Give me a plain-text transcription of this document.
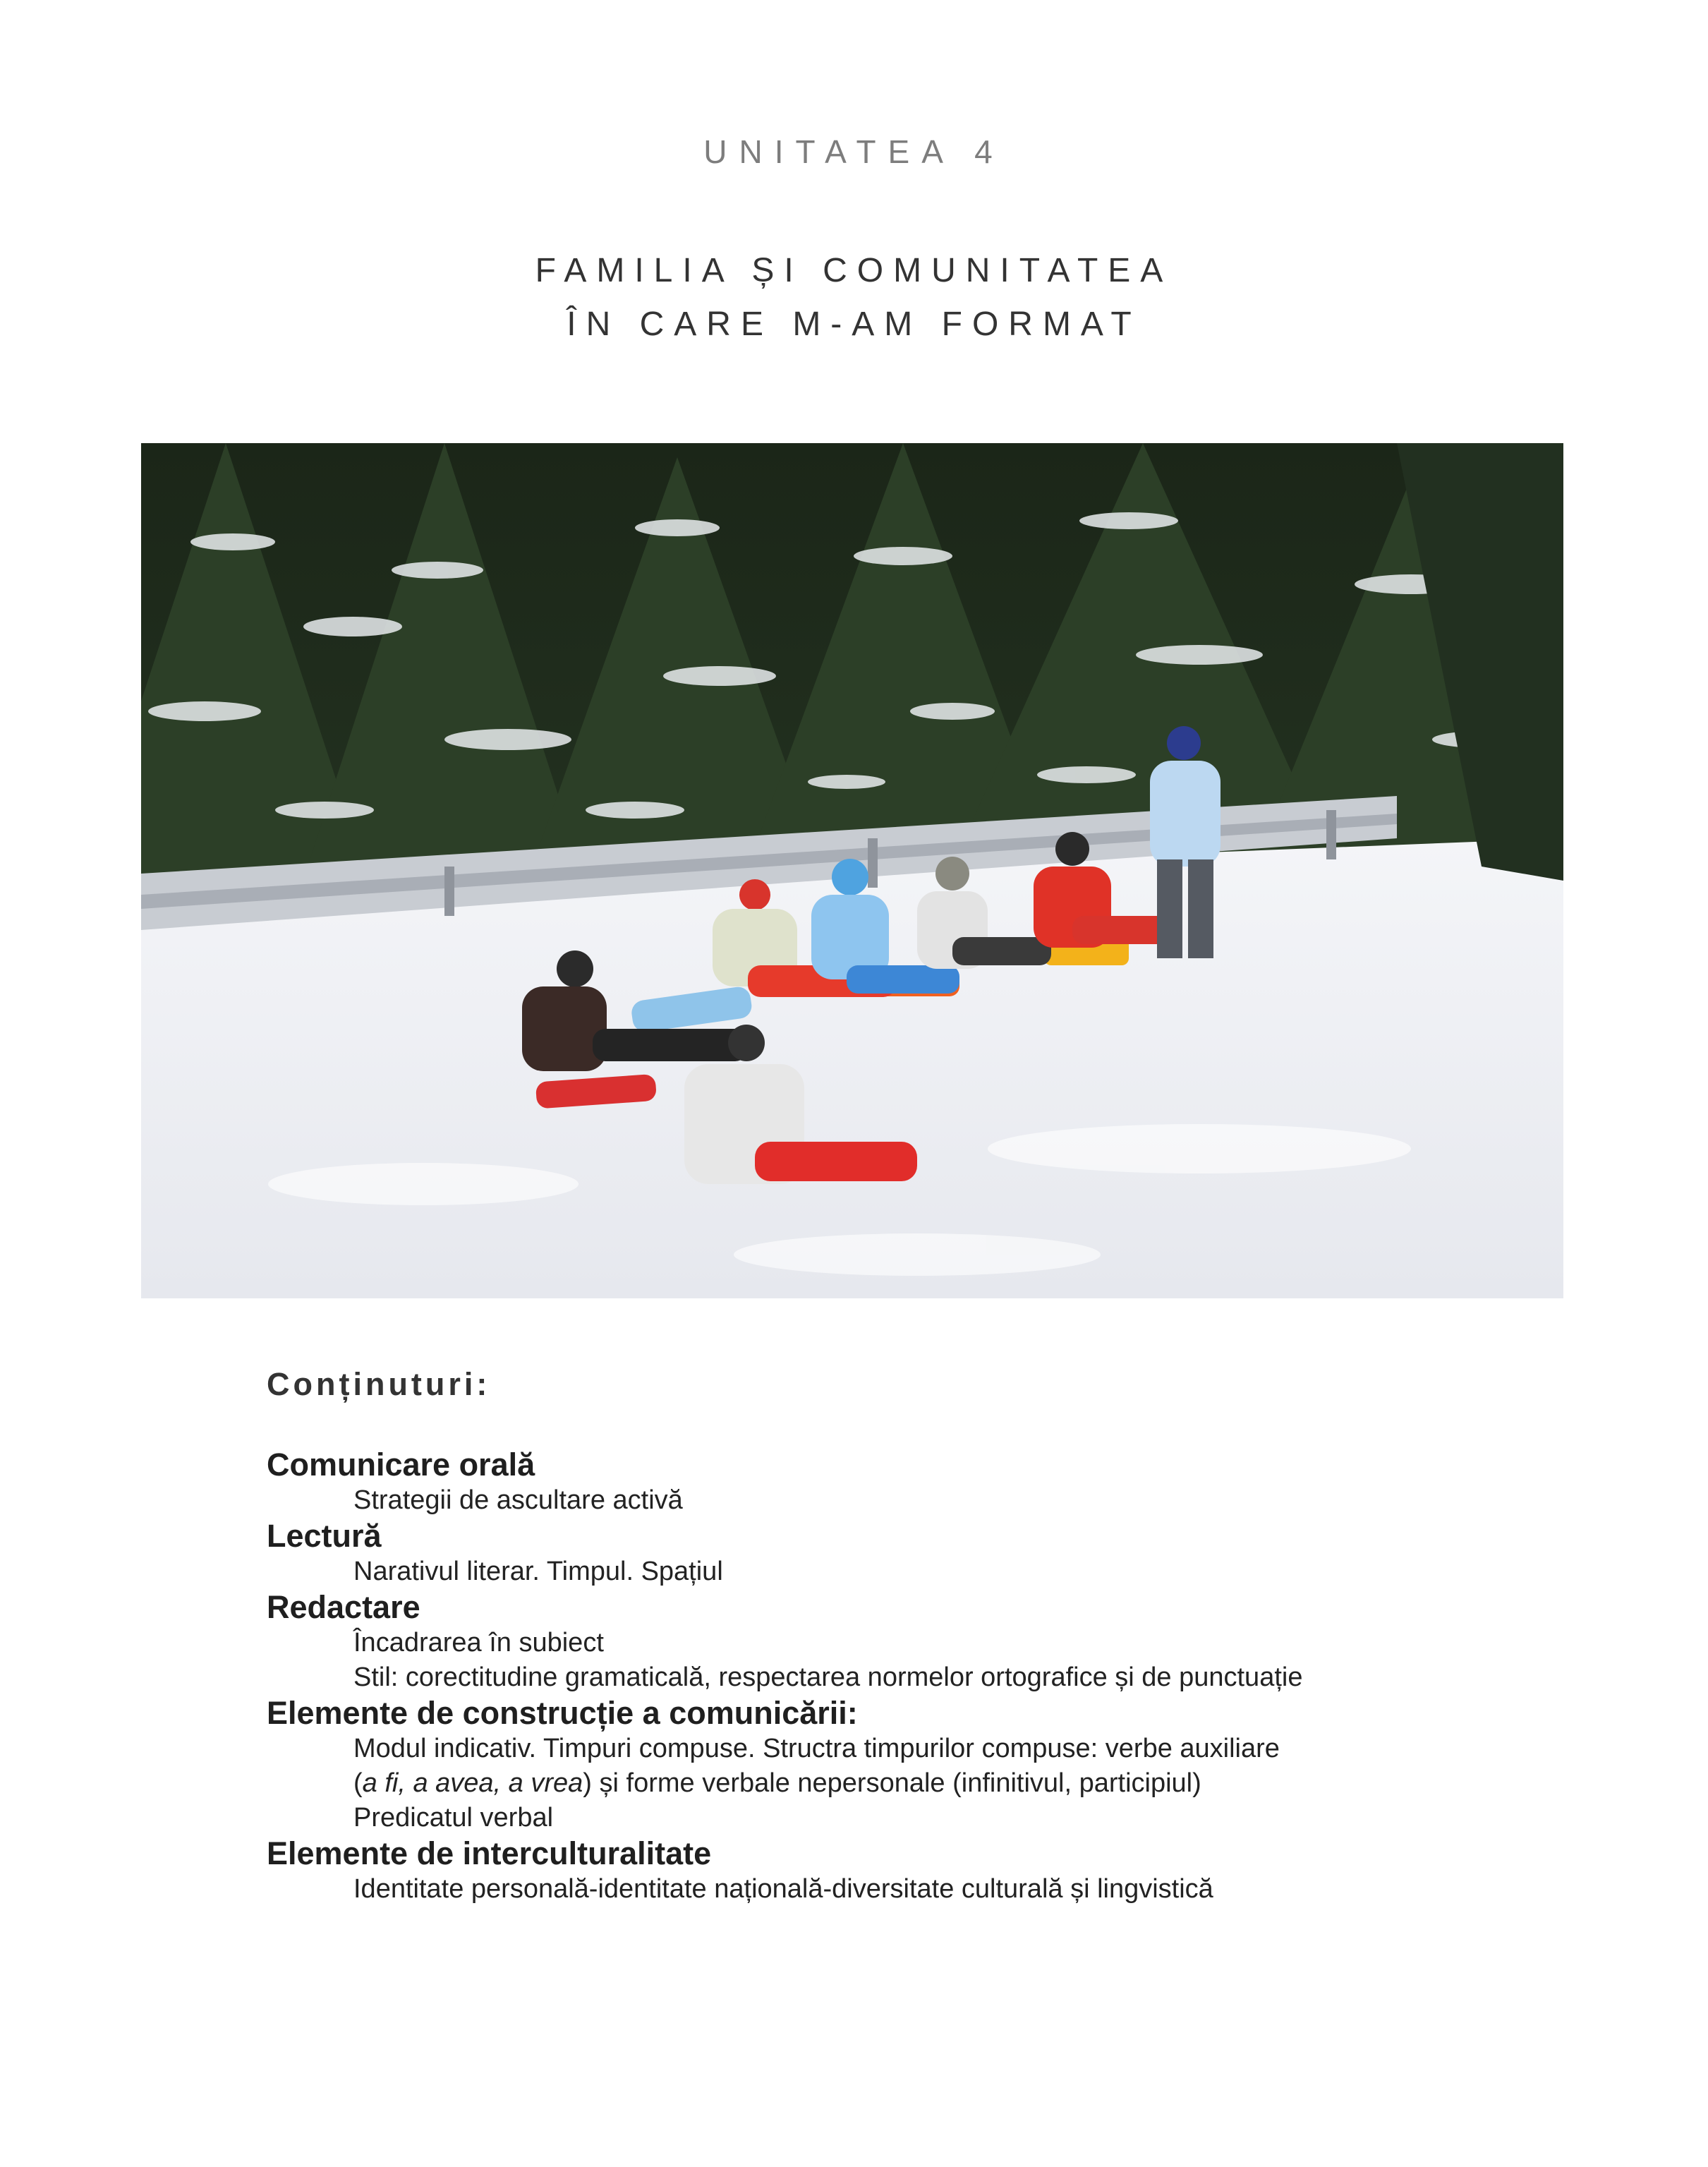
UNITATEA 4
FAMILIA ȘI COMUNITATEA
ÎN CARE M-AM FORMAT
Conținuturi:
Comunicare orală
Strategii de ascultare activă
Lectură
Narativul literar. Timpul. Spațiul
Redactare
Încadrarea în subiect
Stil: corectitudine gramaticală, respectarea normelor ortografice și de punctuație
Elemente de construcție a comunicării:
Modul indicativ. Timpuri compuse. Structra timpurilor compuse: verbe auxiliare
(a fi, a avea, a vrea) și forme verbale nepersonale (infinitivul, participiul)
Predicatul verbal
Elemente de interculturalitate
Identitate personală-identitate națională-diversitate culturală și lingvistică
